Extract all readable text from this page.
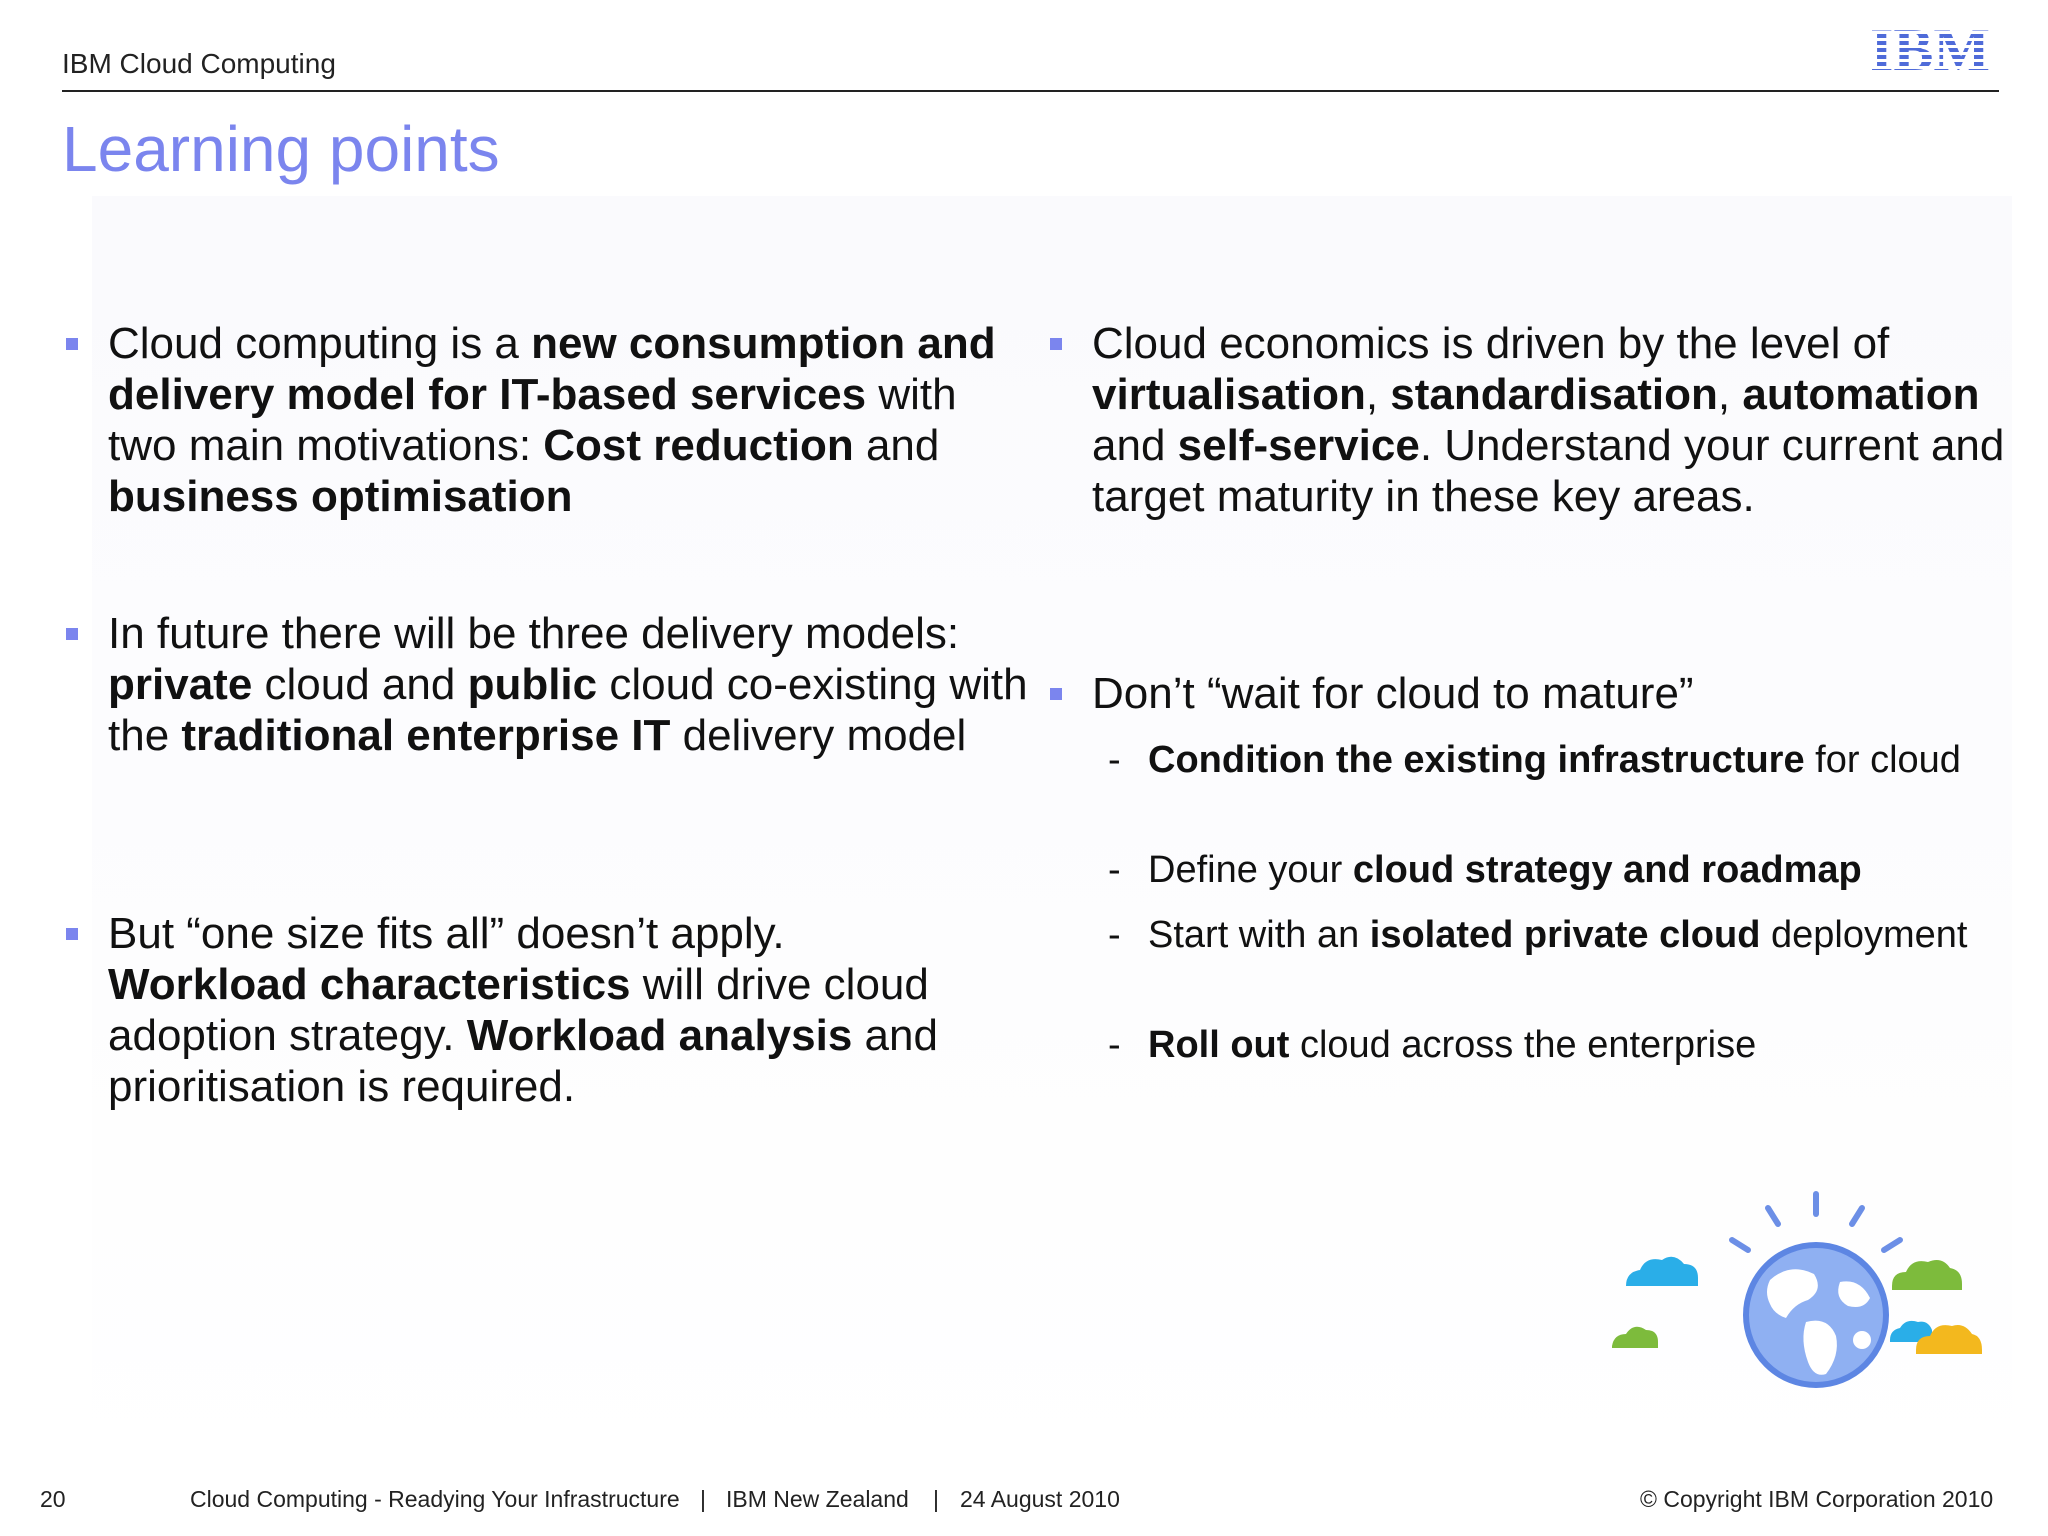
IBM Cloud Computing	IBM
Learning points
Cloud computing is a new consumption and delivery model for IT-based services with two main motivations: Cost reduction and business optimisation
In future there will be three delivery models: private cloud and public cloud co-existing with the traditional enterprise IT delivery model
But “one size fits all” doesn’t apply. Workload characteristics will drive cloud adoption strategy. Workload analysis and prioritisation is required.
Cloud economics is driven by the level of virtualisation, standardisation, automation and self-service. Understand your current and target maturity in these key areas.
Don’t “wait for cloud to mature”
- Condition the existing infrastructure for cloud
- Define your cloud strategy and roadmap
- Start with an isolated private cloud deployment
- Roll out cloud across the enterprise
20	Cloud Computing - Readying Your Infrastructure | IBM New Zealand | 24 August 2010	© Copyright IBM Corporation 2010
